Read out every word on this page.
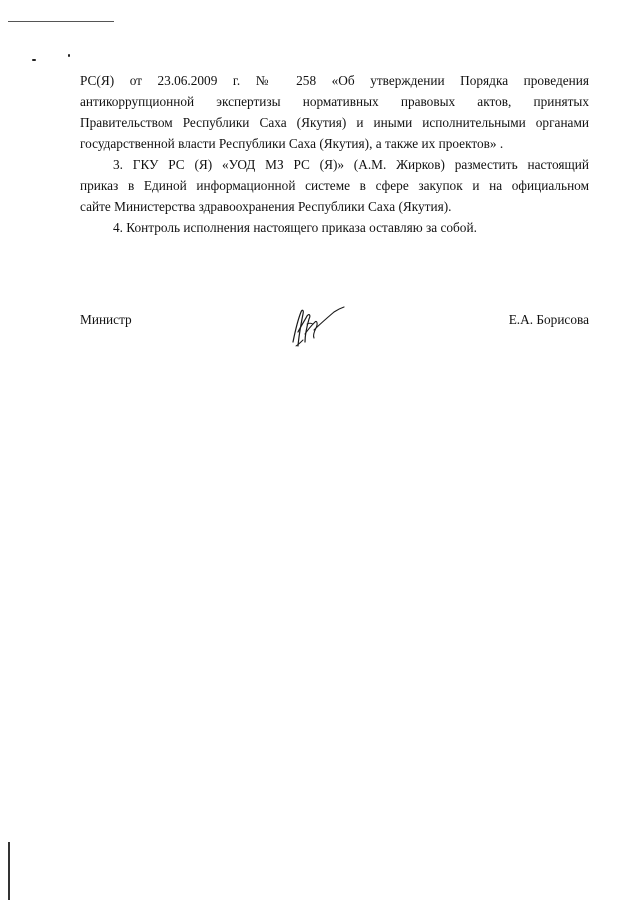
РС(Я) от 23.06.2009 г. № 258 «Об утверждении Порядка проведения
антикоррупционной экспертизы нормативных правовых актов, принятых
Правительством Республики Саха (Якутия) и иными исполнительными органами
государственной власти Республики Саха (Якутия), а также их проектов» .

3. ГКУ РС (Я) «УОД МЗ РС (Я)» (А.М. Жирков) разместить настоящий
приказ в Единой информационной системе в сфере закупок и на официальном
сайте Министерства здравоохранения Республики Саха (Якутия).

4. Контроль исполнения настоящего приказа оставляю за собой.

Министр	Е.А. Борисова
